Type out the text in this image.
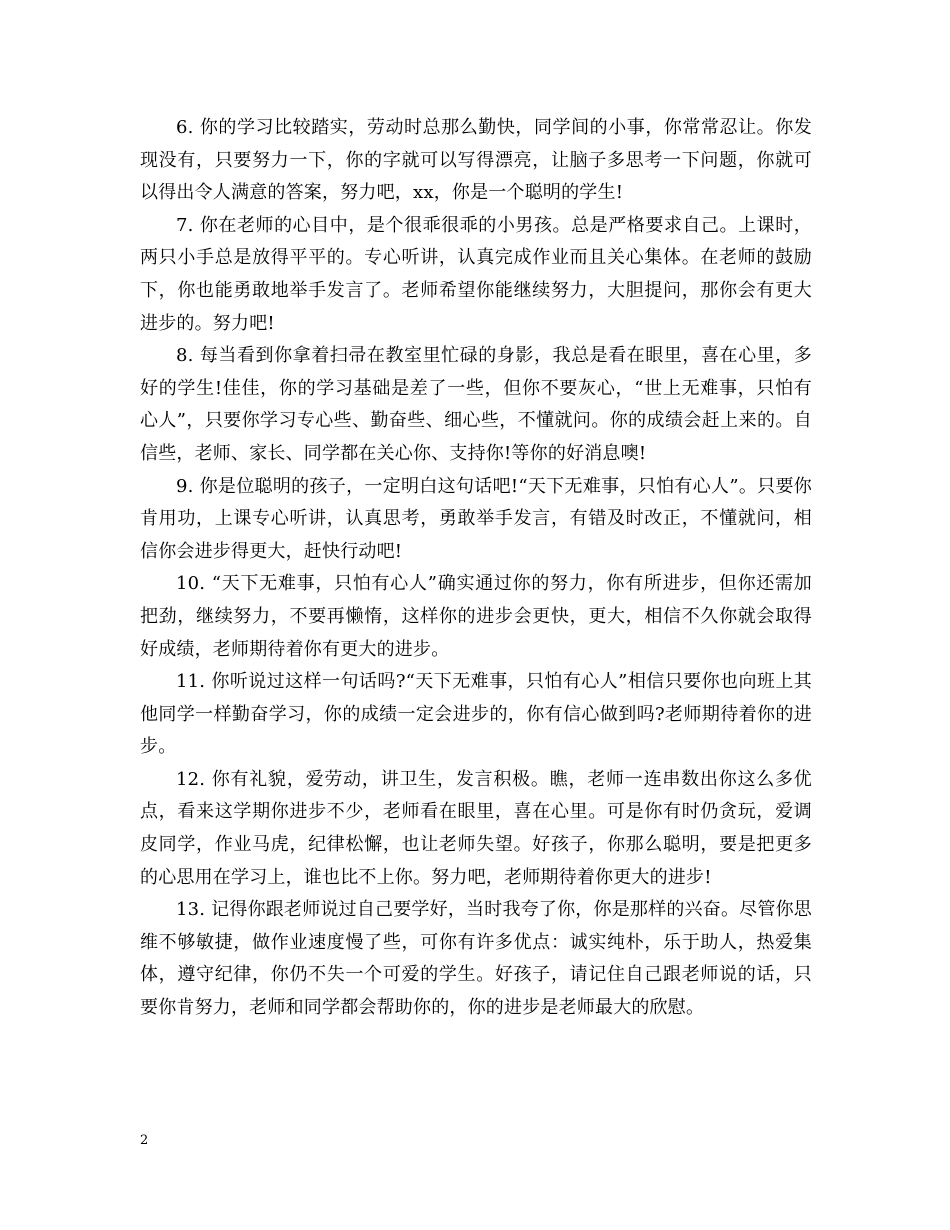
6. 你的学习比较踏实，劳动时总那么勤快，同学间的小事，你常常忍让。你发现没有，只要努力一下，你的字就可以写得漂亮，让脑子多思考一下问题，你就可以得出令人满意的答案，努力吧，xx，你是一个聪明的学生!

7. 你在老师的心目中，是个很乖很乖的小男孩。总是严格要求自己。上课时，两只小手总是放得平平的。专心听讲，认真完成作业而且关心集体。在老师的鼓励下，你也能勇敢地举手发言了。老师希望你能继续努力，大胆提问，那你会有更大进步的。努力吧!

8. 每当看到你拿着扫帚在教室里忙碌的身影，我总是看在眼里，喜在心里，多好的学生!佳佳，你的学习基础是差了一些，但你不要灰心，“世上无难事，只怕有心人”，只要你学习专心些、勤奋些、细心些，不懂就问。你的成绩会赶上来的。自信些，老师、家长、同学都在关心你、支持你!等你的好消息噢!

9. 你是位聪明的孩子，一定明白这句话吧!“天下无难事，只怕有心人”。只要你肯用功，上课专心听讲，认真思考，勇敢举手发言，有错及时改正，不懂就问，相信你会进步得更大，赶快行动吧!

10. “天下无难事，只怕有心人”确实通过你的努力，你有所进步，但你还需加把劲，继续努力，不要再懒惰，这样你的进步会更快，更大，相信不久你就会取得好成绩，老师期待着你有更大的进步。

11. 你听说过这样一句话吗?“天下无难事，只怕有心人”相信只要你也向班上其他同学一样勤奋学习，你的成绩一定会进步的，你有信心做到吗?老师期待着你的进步。

12. 你有礼貌，爱劳动，讲卫生，发言积极。瞧，老师一连串数出你这么多优点，看来这学期你进步不少，老师看在眼里，喜在心里。可是你有时仍贪玩，爱调皮同学，作业马虎，纪律松懈，也让老师失望。好孩子，你那么聪明，要是把更多的心思用在学习上，谁也比不上你。努力吧，老师期待着你更大的进步!

13. 记得你跟老师说过自己要学好，当时我夸了你，你是那样的兴奋。尽管你思维不够敏捷，做作业速度慢了些，可你有许多优点：诚实纯朴，乐于助人，热爱集体，遵守纪律，你仍不失一个可爱的学生。好孩子，请记住自己跟老师说的话，只要你肯努力，老师和同学都会帮助你的，你的进步是老师最大的欣慰。

2
